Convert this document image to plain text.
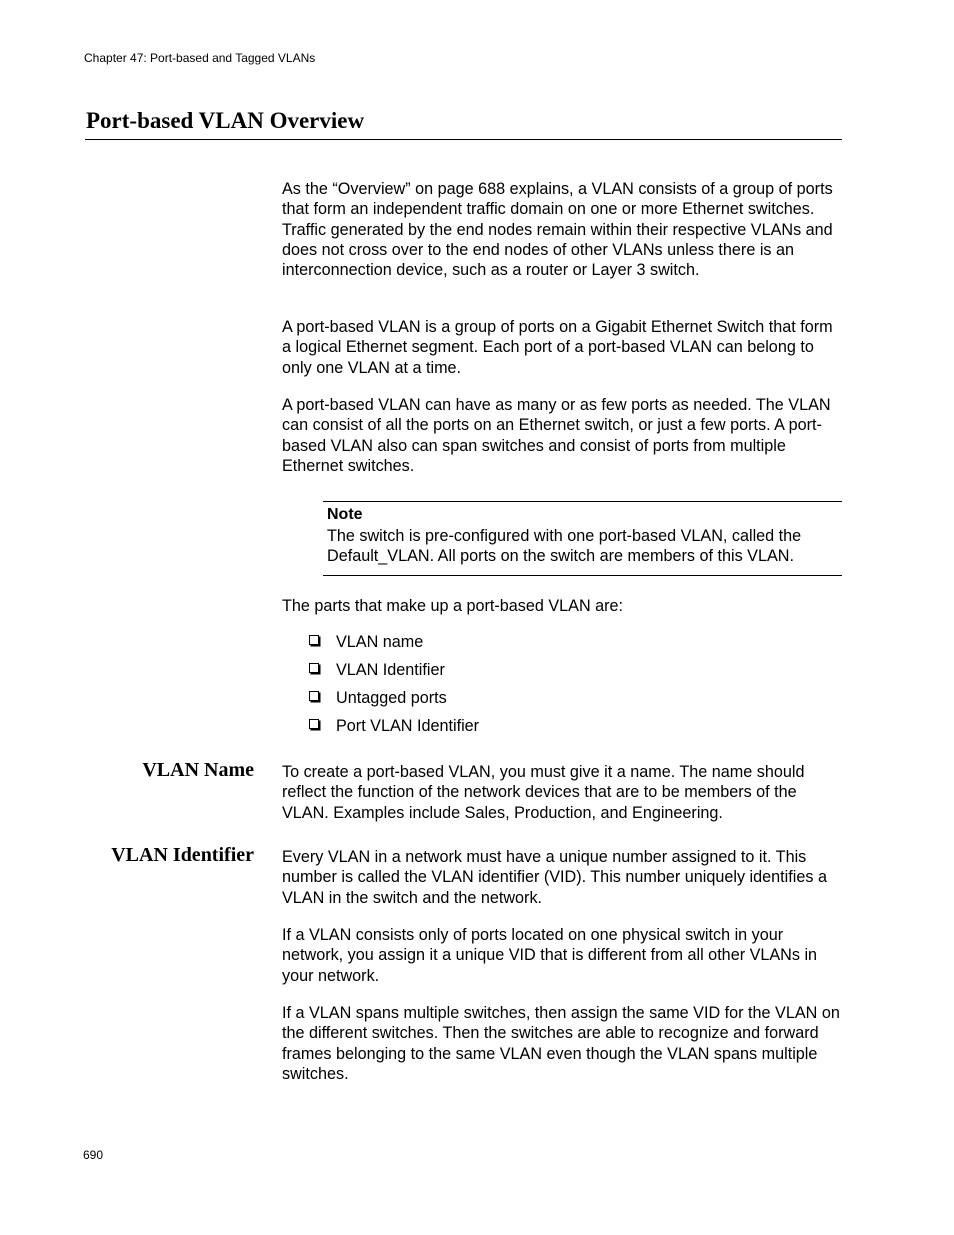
Chapter 47: Port-based and Tagged VLANs
Port-based VLAN Overview

As the “Overview” on page 688 explains, a VLAN consists of a group of ports that form an independent traffic domain on one or more Ethernet switches. Traffic generated by the end nodes remain within their respective VLANs and does not cross over to the end nodes of other VLANs unless there is an interconnection device, such as a router or Layer 3 switch.

A port-based VLAN is a group of ports on a Gigabit Ethernet Switch that form a logical Ethernet segment. Each port of a port-based VLAN can belong to only one VLAN at a time.

A port-based VLAN can have as many or as few ports as needed. The VLAN can consist of all the ports on an Ethernet switch, or just a few ports. A port-based VLAN also can span switches and consist of ports from multiple Ethernet switches.

Note
The switch is pre-configured with one port-based VLAN, called the Default_VLAN. All ports on the switch are members of this VLAN.

The parts that make up a port-based VLAN are:

VLAN name
VLAN Identifier
Untagged ports
Port VLAN Identifier
VLAN Name To create a port-based VLAN, you must give it a name. The name should reflect the function of the network devices that are to be members of the VLAN. Examples include Sales, Production, and Engineering.

VLAN Identifier Every VLAN in a network must have a unique number assigned to it. This number is called the VLAN identifier (VID). This number uniquely identifies a VLAN in the switch and the network.

If a VLAN consists only of ports located on one physical switch in your network, you assign it a unique VID that is different from all other VLANs in your network.

If a VLAN spans multiple switches, then assign the same VID for the VLAN on the different switches. Then the switches are able to recognize and forward frames belonging to the same VLAN even though the VLAN spans multiple switches.

690
